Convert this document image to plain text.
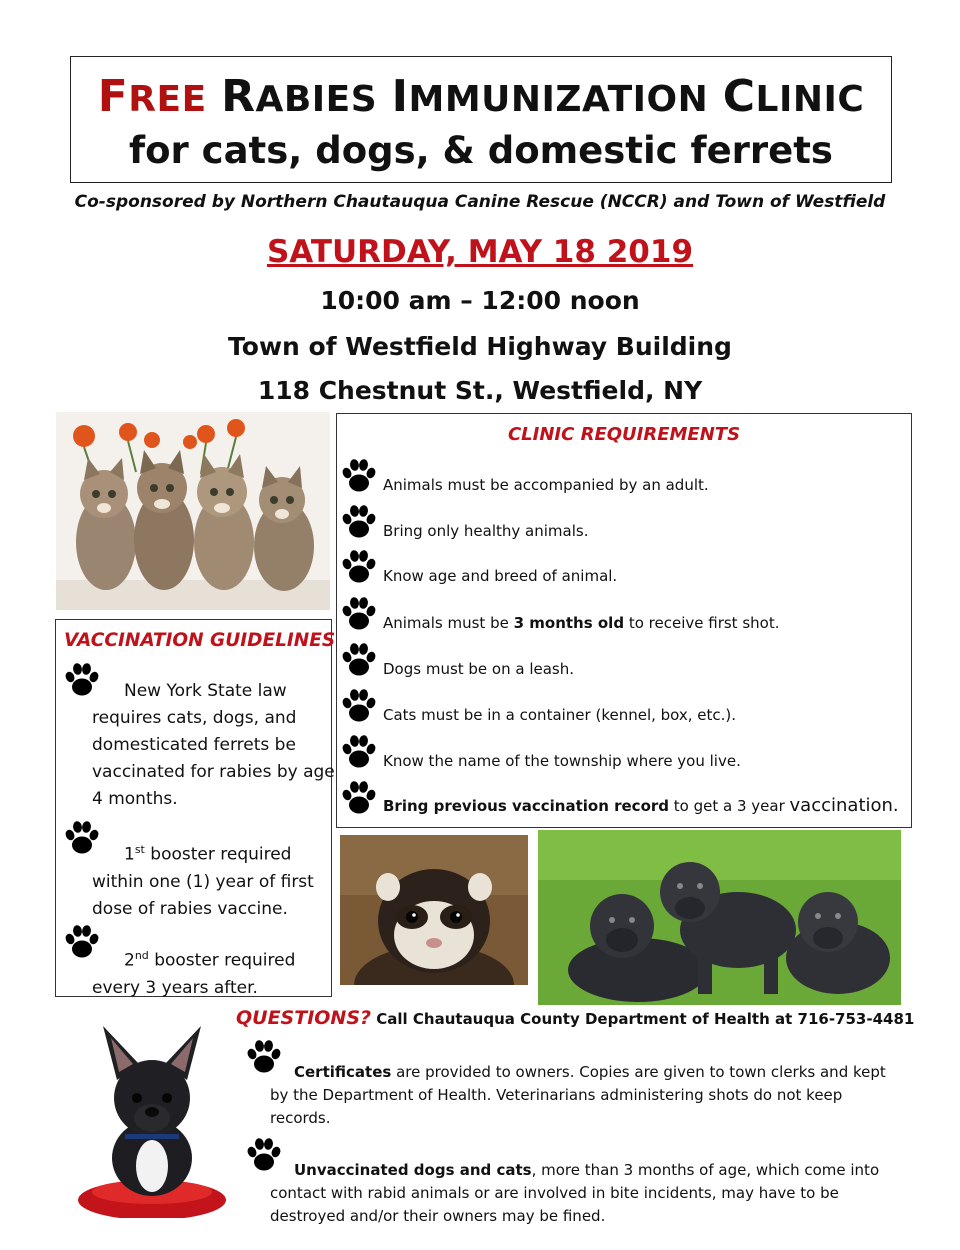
FREE RABIES IMMUNIZATION CLINIC
for cats, dogs, & domestic ferrets
Co-sponsored by Northern Chautauqua Canine Rescue (NCCR) and Town of Westfield
SATURDAY, MAY 18 2019
10:00 am – 12:00 noon
Town of Westfield Highway Building
118 Chestnut St., Westfield, NY
CLINIC REQUIREMENTS
Animals must be accompanied by an adult.
Bring only healthy animals.
Know age and breed of animal.
Animals must be 3 months old to receive first shot.
Dogs must be on a leash.
Cats must be in a container (kennel, box, etc.).
Know the name of the township where you live.
Bring previous vaccination record to get a 3 year vaccination.
VACCINATION GUIDELINES
New York State law requires cats, dogs, and domesticated ferrets be vaccinated for rabies by age 4 months.
1st booster required within one (1) year of first dose of rabies vaccine.
2nd booster required every 3 years after.
QUESTIONS? Call Chautauqua County Department of Health at 716-753-4481
Certificates are provided to owners. Copies are given to town clerks and kept by the Department of Health. Veterinarians administering shots do not keep records.
Unvaccinated dogs and cats, more than 3 months of age, which come into contact with rabid animals or are involved in bite incidents, may have to be destroyed and/or their owners may be fined.
